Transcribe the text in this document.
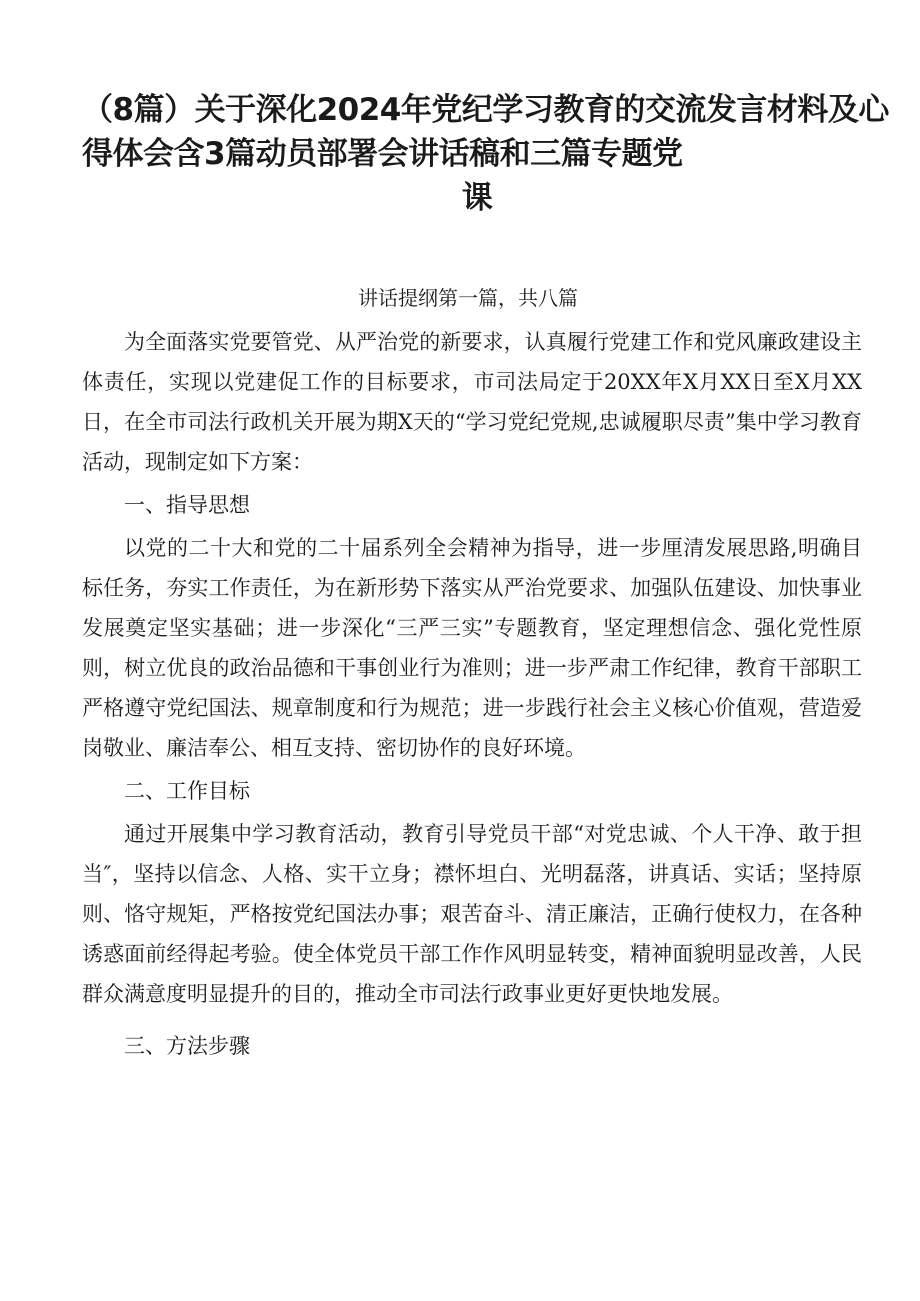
（8篇）关于深化2024年党纪学习教育的交流发言材料及心
得体会含3篇动员部署会讲话稿和三篇专题党
课

讲话提纲第一篇，共八篇

为全面落实党要管党、从严治党的新要求，认真履行党建工作和党风廉政建设主体责任，实现以党建促工作的目标要求，市司法局定于20XX年X月XX日至X月XX日，在全市司法行政机关开展为期X天的“学习党纪党规,忠诚履职尽责”集中学习教育活动，现制定如下方案：

一、指导思想

以党的二十大和党的二十届系列全会精神为指导，进一步厘清发展思路,明确目标任务，夯实工作责任，为在新形势下落实从严治党要求、加强队伍建设、加快事业发展奠定坚实基础；进一步深化“三严三实”专题教育，坚定理想信念、强化党性原则，树立优良的政治品德和干事创业行为准则；进一步严肃工作纪律，教育干部职工严格遵守党纪国法、规章制度和行为规范；进一步践行社会主义核心价值观，营造爱岗敬业、廉洁奉公、相互支持、密切协作的良好环境。

二、工作目标

通过开展集中学习教育活动，教育引导党员干部“对党忠诚、个人干净、敢于担当″，坚持以信念、人格、实干立身；襟怀坦白、光明磊落，讲真话、实话；坚持原则、恪守规矩，严格按党纪国法办事；艰苦奋斗、清正廉洁，正确行使权力，在各种诱惑面前经得起考验。使全体党员干部工作作风明显转变，精神面貌明显改善，人民群众满意度明显提升的目的，推动全市司法行政事业更好更快地发展。

三、方法步骤
